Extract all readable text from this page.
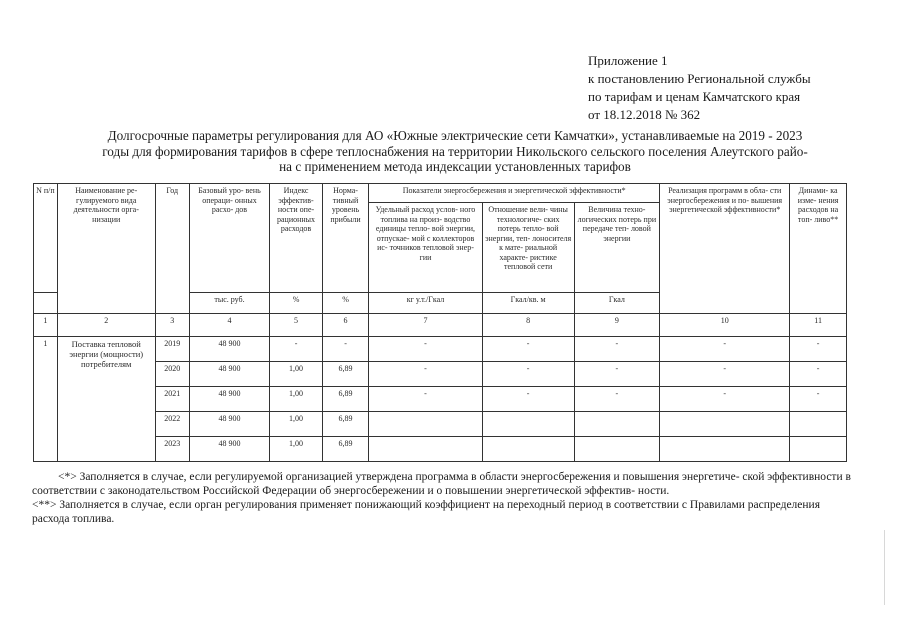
Приложение 1
к постановлению Региональной службы
по тарифам и ценам Камчатского края
от 18.12.2018 № 362
Долгосрочные параметры регулирования для АО «Южные электрические сети Камчатки», устанавливаемые на 2019 - 2023
годы для формирования тарифов в сфере теплоснабжения на территории Никольского сельского поселения Алеутского райо-
на с применением метода индексации установленных тарифов
N п/п	Наименование ре- гулируемого вида деятельности орга- низации	Год	Базовый уро- вень операци- онных расхо- дов	Индекс эффектив- ности опе- рационных расходов	Норма- тивный уровень прибыли	Показатели энергосбережения и энергетической эффективности*			Реализация программ в обла- сти энергосбережения и по- вышения энергетической эффективности*	Динами- ка изме- нения расходов на топ- ливо**
						Удельный расход услов- ного топлива на произ- водство единицы тепло- вой энергии, отпускае- мой с коллекторов ис- точников тепловой энер- гии	Отношение вели- чины технологиче- ских потерь тепло- вой энергии, теп- лоносителя к мате- риальной характе- ристике тепловой сети	Величина техно- логических потерь при передаче теп- ловой энергии		
			тыс. руб.	%	%	кг у.т./Гкал	Гкал/кв. м	Гкал		
1	2	3	4	5	6	7	8	9	10	11
1	Поставка тепловой энергии (мощности) потребителям	2019	48 900	-	-	-	-	-	-	-
		2020	48 900	1,00	6,89	-	-	-	-	-
		2021	48 900	1,00	6,89	-	-	-	-	-
		2022	48 900	1,00	6,89					
		2023	48 900	1,00	6,89					

<*> Заполняется в случае, если регулируемой организацией утверждена программа в области энергосбережения и повышения энергетиче- ской эффективности в соответствии с законодательством Российской Федерации об энергосбережении и о повышении энергетической эффектив- ности.

<**> Заполняется в случае, если орган регулирования применяет понижающий коэффициент на переходный период в соответствии с Правилами распределения расхода топлива.
